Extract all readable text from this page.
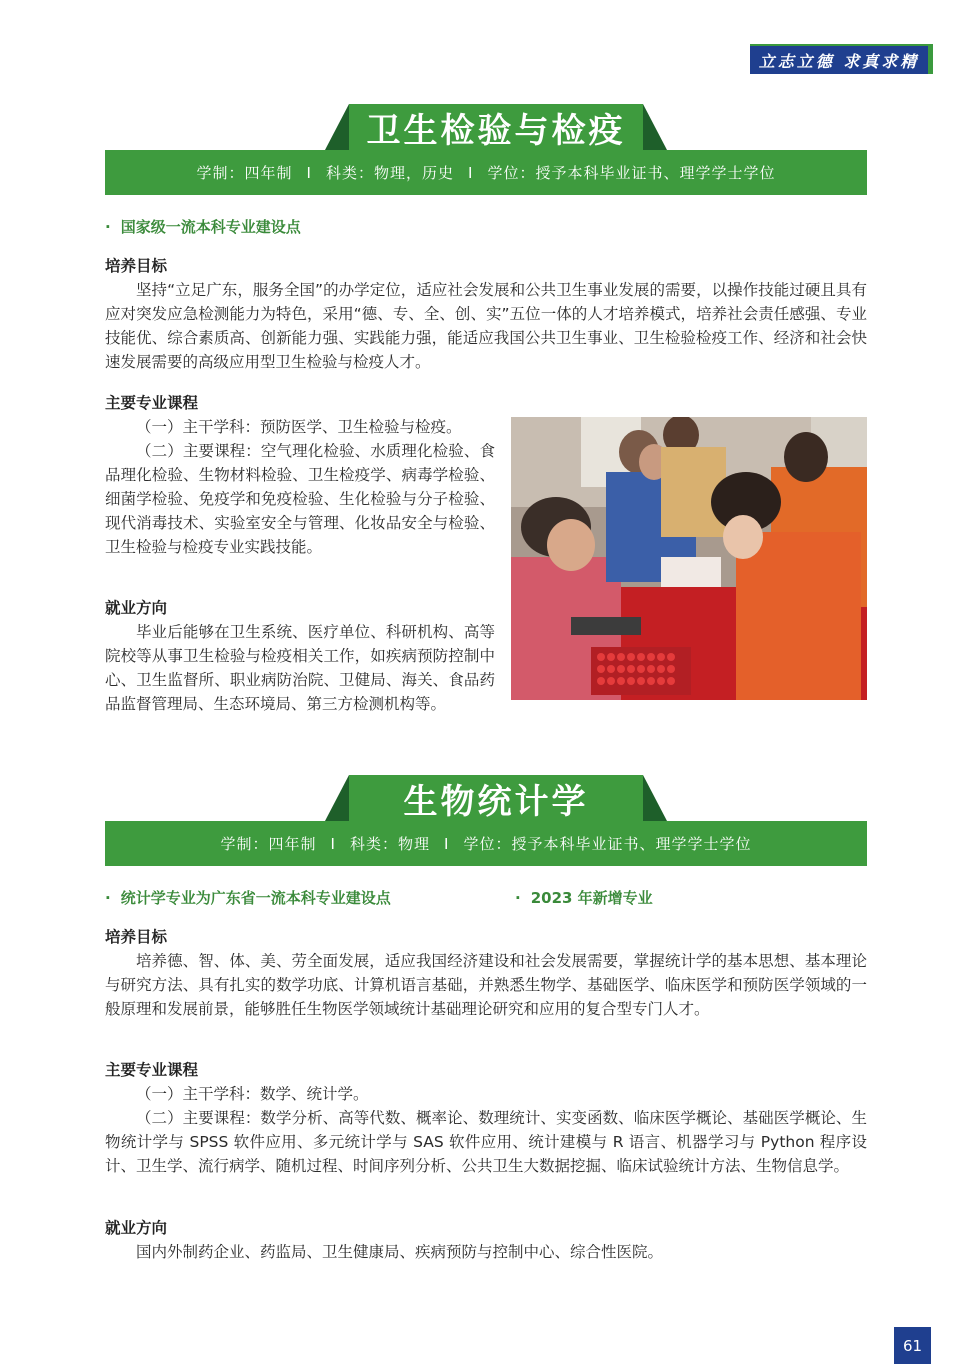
立志立德 求真求精
卫生检验与检疫
学制：四年制 I 科类：物理，历史 I 学位：授予本科毕业证书、理学学士学位
· 国家级一流本科专业建设点
培养目标

坚持“立足广东，服务全国”的办学定位，适应社会发展和公共卫生事业发展的需要，以操作技能过硬且具有应对突发应急检测能力为特色，采用“德、专、全、创、实”五位一体的人才培养模式，培养社会责任感强、专业技能优、综合素质高、创新能力强、实践能力强，能适应我国公共卫生事业、卫生检验检疫工作、经济和社会快速发展需要的高级应用型卫生检验与检疫人才。

主要专业课程

（一）主干学科：预防医学、卫生检验与检疫。

（二）主要课程：空气理化检验、水质理化检验、食品理化检验、生物材料检验、卫生检疫学、病毒学检验、细菌学检验、免疫学和免疫检验、生化检验与分子检验、现代消毒技术、实验室安全与管理、化妆品安全与检验、卫生检验与检疫专业实践技能。

就业方向

毕业后能够在卫生系统、医疗单位、科研机构、高等院校等从事卫生检验与检疫相关工作，如疾病预防控制中心、卫生监督所、职业病防治院、卫健局、海关、食品药品监督管理局、生态环境局、第三方检测机构等。

生物统计学
学制：四年制 I 科类：物理 I 学位：授予本科毕业证书、理学学士学位
· 统计学专业为广东省一流本科专业建设点	· 2023 年新增专业
培养目标

培养德、智、体、美、劳全面发展，适应我国经济建设和社会发展需要，掌握统计学的基本思想、基本理论与研究方法、具有扎实的数学功底、计算机语言基础，并熟悉生物学、基础医学、临床医学和预防医学领域的一般原理和发展前景，能够胜任生物医学领域统计基础理论研究和应用的复合型专门人才。

主要专业课程

（一）主干学科：数学、统计学。

（二）主要课程：数学分析、高等代数、概率论、数理统计、实变函数、临床医学概论、基础医学概论、生物统计学与 SPSS 软件应用、多元统计学与 SAS 软件应用、统计建模与 R 语言、机器学习与 Python 程序设计、卫生学、流行病学、随机过程、时间序列分析、公共卫生大数据挖掘、临床试验统计方法、生物信息学。

就业方向

国内外制药企业、药监局、卫生健康局、疾病预防与控制中心、综合性医院。

61
